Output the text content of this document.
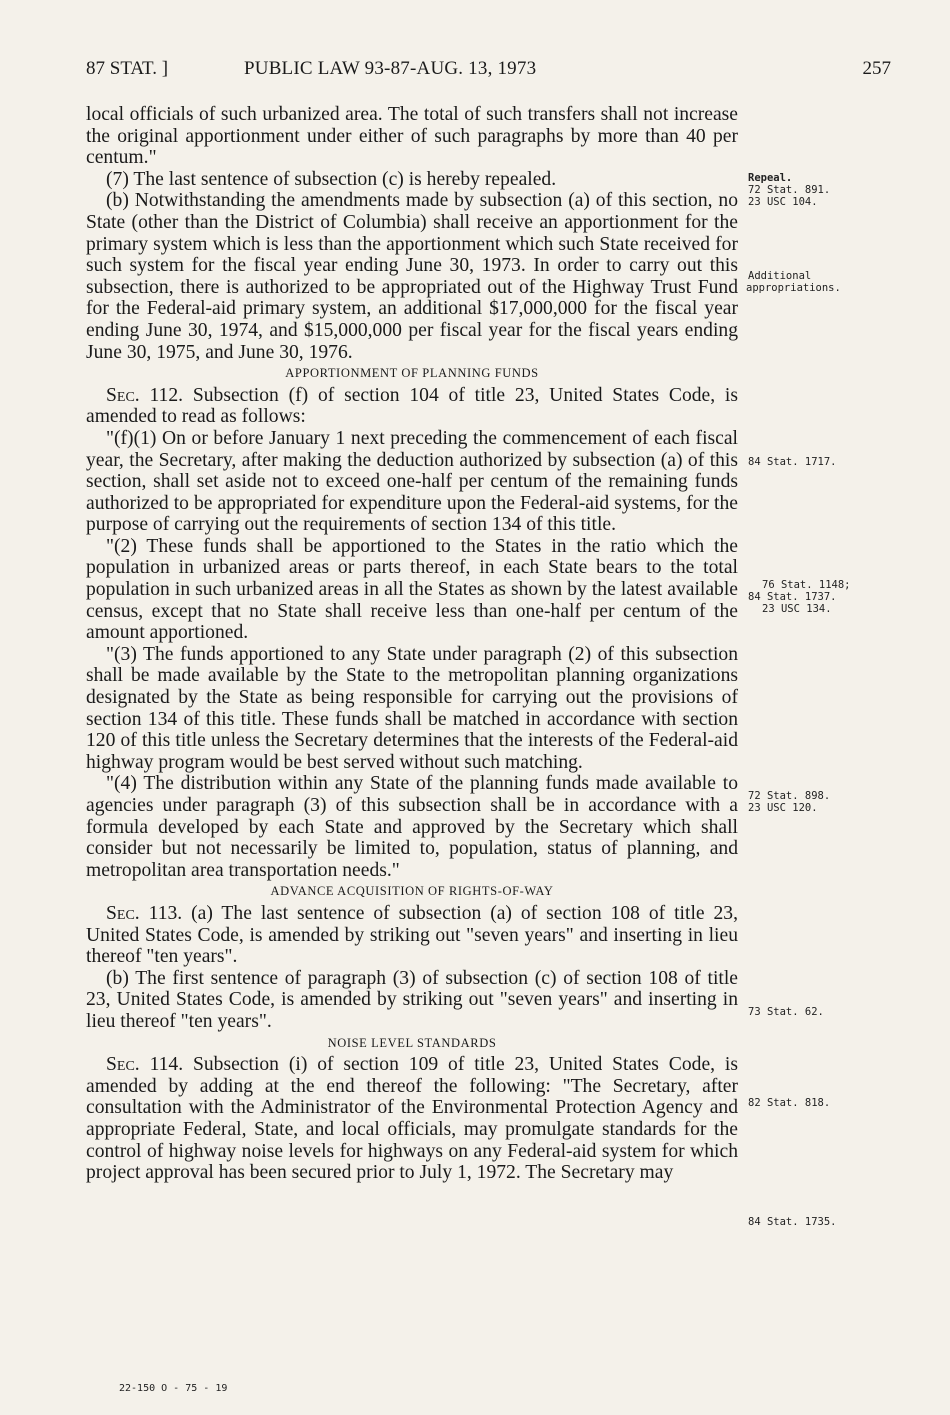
87 STAT. ]	PUBLIC LAW 93-87-AUG. 13, 1973	257

local officials of such urbanized area. The total of such transfers shall not increase the original apportionment under either of such paragraphs by more than 40 per centum."

(7) The last sentence of subsection (c) is hereby repealed.

(b) Notwithstanding the amendments made by subsection (a) of this section, no State (other than the District of Columbia) shall receive an apportionment for the primary system which is less than the apportionment which such State received for such system for the fiscal year ending June 30, 1973. In order to carry out this subsection, there is authorized to be appropriated out of the Highway Trust Fund for the Federal-aid primary system, an additional $17,000,000 for the fiscal year ending June 30, 1974, and $15,000,000 per fiscal year for the fiscal years ending June 30, 1975, and June 30, 1976.

APPORTIONMENT OF PLANNING FUNDS

Sec. 112. Subsection (f) of section 104 of title 23, United States Code, is amended to read as follows:

"(f)(1) On or before January 1 next preceding the commencement of each fiscal year, the Secretary, after making the deduction authorized by subsection (a) of this section, shall set aside not to exceed one-half per centum of the remaining funds authorized to be appropriated for expenditure upon the Federal-aid systems, for the purpose of carrying out the requirements of section 134 of this title.

"(2) These funds shall be apportioned to the States in the ratio which the population in urbanized areas or parts thereof, in each State bears to the total population in such urbanized areas in all the States as shown by the latest available census, except that no State shall receive less than one-half per centum of the amount apportioned.

"(3) The funds apportioned to any State under paragraph (2) of this subsection shall be made available by the State to the metropolitan planning organizations designated by the State as being responsible for carrying out the provisions of section 134 of this title. These funds shall be matched in accordance with section 120 of this title unless the Secretary determines that the interests of the Federal-aid highway program would be best served without such matching.

"(4) The distribution within any State of the planning funds made available to agencies under paragraph (3) of this subsection shall be in accordance with a formula developed by each State and approved by the Secretary which shall consider but not necessarily be limited to, population, status of planning, and metropolitan area transportation needs."

ADVANCE ACQUISITION OF RIGHTS-OF-WAY

Sec. 113. (a) The last sentence of subsection (a) of section 108 of title 23, United States Code, is amended by striking out "seven years" and inserting in lieu thereof "ten years".

(b) The first sentence of paragraph (3) of subsection (c) of section 108 of title 23, United States Code, is amended by striking out "seven years" and inserting in lieu thereof "ten years".

NOISE LEVEL STANDARDS

Sec. 114. Subsection (i) of section 109 of title 23, United States Code, is amended by adding at the end thereof the following: "The Secretary, after consultation with the Administrator of the Environmental Protection Agency and appropriate Federal, State, and local officials, may promulgate standards for the control of highway noise levels for highways on any Federal-aid system for which project approval has been secured prior to July 1, 1972. The Secretary may

Repeal.
72 Stat. 891.
23 USC 104.
Additional
appropriations.
84 Stat. 1717.
76 Stat. 1148;
84 Stat. 1737.
23 USC 134.
72 Stat. 898.
23 USC 120.
73 Stat. 62.
82 Stat. 818.
84 Stat. 1735.
22-150 O - 75 - 19
